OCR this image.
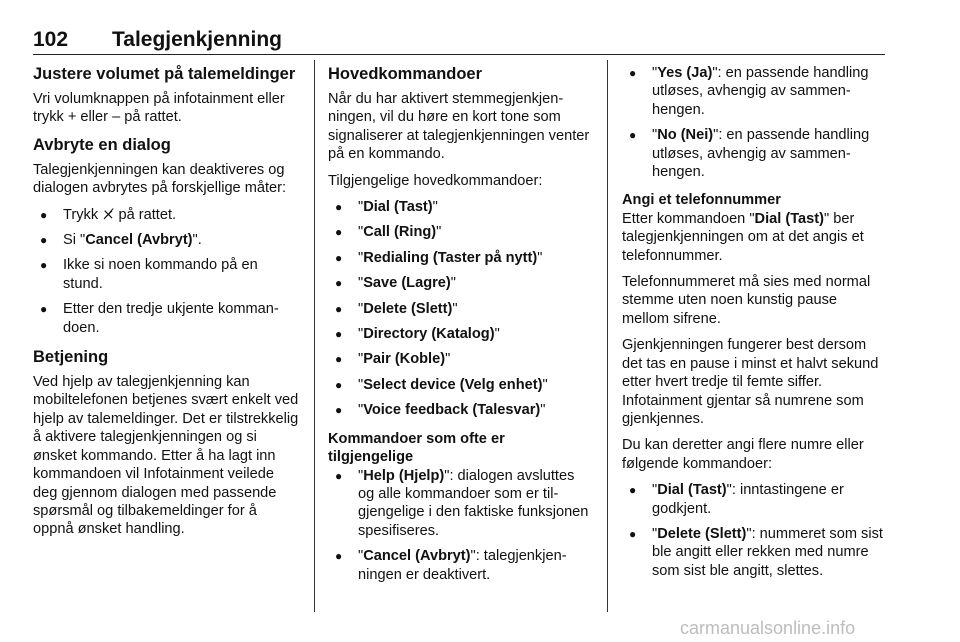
102 Talegjenkjenning
Justere volumet på talemeldinger

Vri volumknappen på infotainment eller trykk + eller – på rattet.

Avbryte en dialog

Talegjenkjenningen kan deaktiveres og dialogen avbrytes på forskjellige måter:

● Trykk ⨯̸ på rattet.
● Si "Cancel (Avbryt)".
● Ikke si noen kommando på en stund.
● Etter den tredje ukjente kommandoen.
Betjening

Ved hjelp av talegjenkjenning kan mobiltelefonen betjenes svært enkelt ved hjelp av talemeldinger. Det er tilstrekkelig å aktivere talegjenkjenningen og si ønsket kommando. Etter å ha lagt inn kommandoen vil Infotainment veilede deg gjennom dialogen med passende spørsmål og tilbakemeldinger for å oppnå ønsket handling.

Hovedkommandoer

Når du har aktivert stemmegjenkjenningen, vil du høre en kort tone som signaliserer at talegjenkjenningen venter på en kommando.

Tilgjengelige hovedkommandoer:

● "Dial (Tast)"
● "Call (Ring)"
● "Redialing (Taster på nytt)"
● "Save (Lagre)"
● "Delete (Slett)"
● "Directory (Katalog)"
● "Pair (Koble)"
● "Select device (Velg enhet)"
● "Voice feedback (Talesvar)"
Kommandoer som ofte er tilgjengelige
● "Help (Hjelp)": dialogen avsluttes og alle kommandoer som er tilgjengelige i den faktiske funksjonen spesifiseres.
● "Cancel (Avbryt)": talegjenkjenningen er deaktivert.
● "Yes (Ja)": en passende handling utløses, avhengig av sammenhengen.
● "No (Nei)": en passende handling utløses, avhengig av sammenhengen.
Angi et telefonnummer

Etter kommandoen "Dial (Tast)" ber talegjenkjenningen om at det angis et telefonnummer.

Telefonnummeret må sies med normal stemme uten noen kunstig pause mellom sifrene.

Gjenkjenningen fungerer best dersom det tas en pause i minst et halvt sekund etter hvert tredje til femte siffer. Infotainment gjentar så numrene som gjenkjennes.

Du kan deretter angi flere numre eller følgende kommandoer:

● "Dial (Tast)": inntastingene er godkjent.
● "Delete (Slett)": nummeret som sist ble angitt eller rekken med numre som sist ble angitt, slettes.
carmanualsonline.info
